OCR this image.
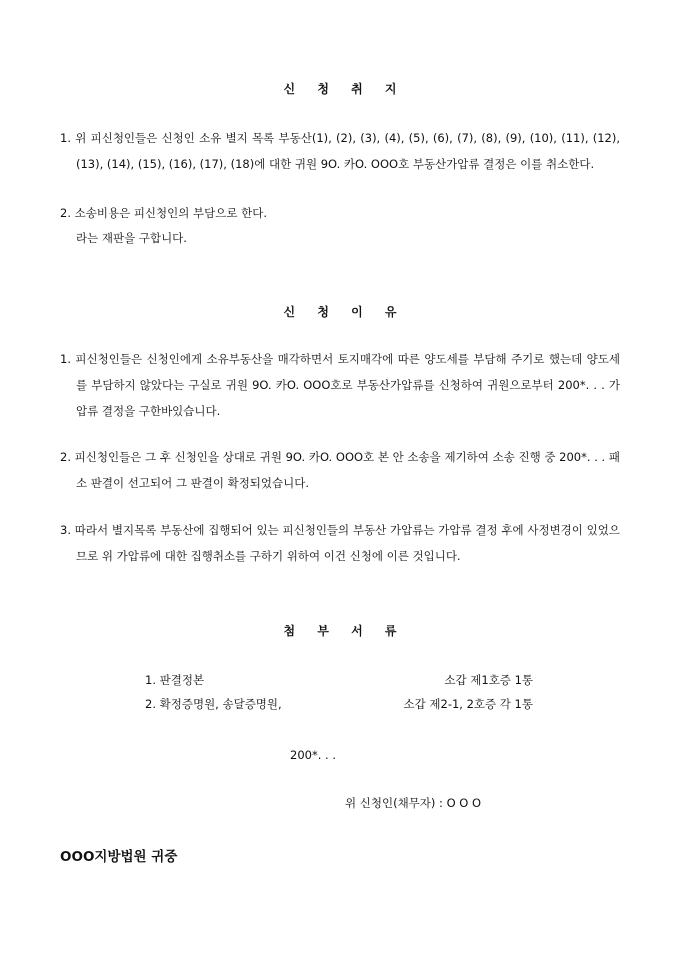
신 청 취 지
1. 위 피신청인들은 신청인 소유 별지 목록 부동산(1), (2), (3), (4), (5), (6), (7), (8), (9), (10), (11), (12), (13), (14), (15), (16), (17), (18)에 대한 귀원 9O. 카O. OOO호 부동산가압류 결정은 이를 취소한다.
2. 소송비용은 피신청인의 부담으로 한다.
라는 재판을 구합니다.
신 청 이 유
1. 피신청인들은 신청인에게 소유부동산을 매각하면서 토지매각에 따른 양도세를 부담해 주기로 했는데 양도세를 부담하지 않았다는 구실로 귀원 9O. 카O. OOO호로 부동산가압류를 신청하여 귀원으로부터 200*. . . 가압류 결정을 구한바있습니다.
2. 피신청인들은 그 후 신청인을 상대로 귀원 9O. 카O. OOO호 본 안 소송을 제기하여 소송 진행 중 200*. . . 패소 판결이 선고되어 그 판결이 확정되었습니다.
3. 따라서 별지목록 부동산에 집행되어 있는 피신청인들의 부동산 가압류는 가압류 결정 후에 사정변경이 있었으므로 위 가압류에 대한 집행취소를 구하기 위하여 이건 신청에 이른 것입니다.
첨 부 서 류
1. 판결정본	소갑 제1호증 1통
2. 확정증명원, 송달증명원,	소갑 제2-1, 2호증 각 1통
200*. . .
위 신청인(채무자) : O O O
OOO지방법원 귀중
